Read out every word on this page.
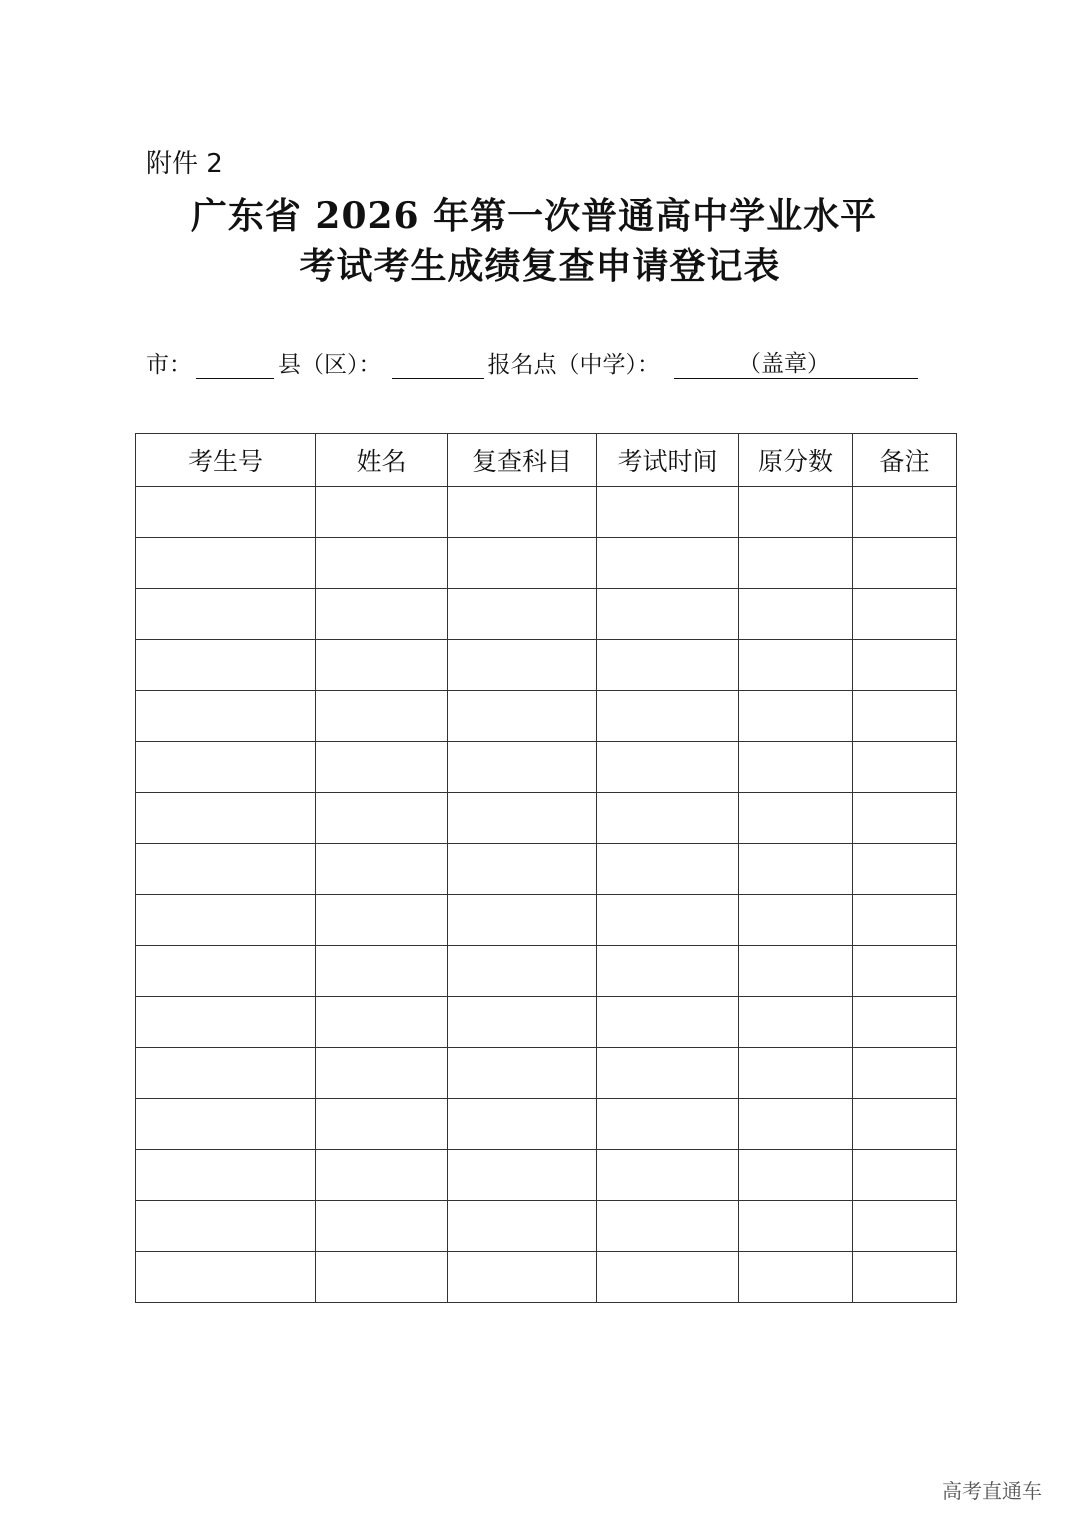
附件 2
广东省 2026 年第一次普通高中学业水平
考试考生成绩复查申请登记表
市：	县（区）：	报名点（中学）：	（盖章）
考生号	姓名	复查科目	考试时间	原分数	备注

高考直通车
